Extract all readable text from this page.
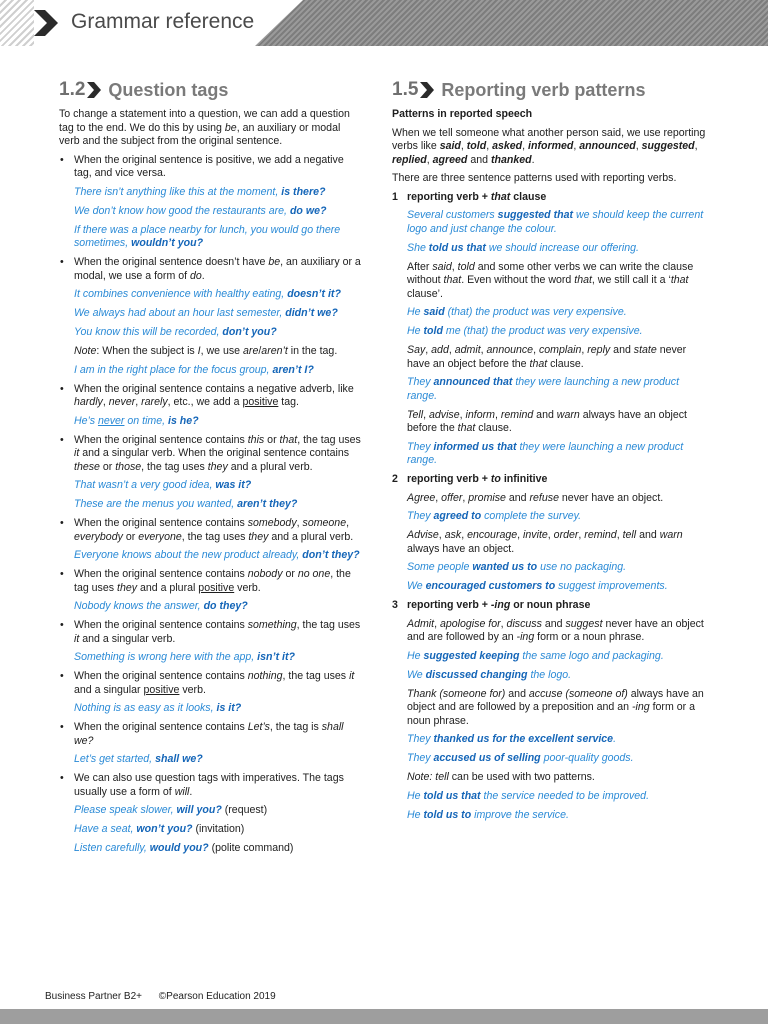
Grammar reference
1.2 Question tags

To change a statement into a question, we can add a question tag to the end. We do this by using be, an auxiliary or modal verb and the subject from the original sentence.

• When the original sentence is positive, we add a negative tag, and vice versa.

There isn’t anything like this at the moment, is there?

We don’t know how good the restaurants are, do we?

If there was a place nearby for lunch, you would go there sometimes, wouldn’t you?

• When the original sentence doesn’t have be, an auxiliary or a modal, we use a form of do.

It combines convenience with healthy eating, doesn’t it?

We always had about an hour last semester, didn’t we?

You know this will be recorded, don’t you?

Note: When the subject is I, we use are/aren’t in the tag.

I am in the right place for the focus group, aren’t I?

• When the original sentence contains a negative adverb, like hardly, never, rarely, etc., we add a positive tag.

He’s never on time, is he?

• When the original sentence contains this or that, the tag uses it and a singular verb. When the original sentence contains these or those, the tag uses they and a plural verb.

That wasn’t a very good idea, was it?

These are the menus you wanted, aren’t they?

• When the original sentence contains somebody, someone, everybody or everyone, the tag uses they and a plural verb.

Everyone knows about the new product already, don’t they?

• When the original sentence contains nobody or no one, the tag uses they and a plural positive verb.

Nobody knows the answer, do they?

• When the original sentence contains something, the tag uses it and a singular verb.

Something is wrong here with the app, isn’t it?

• When the original sentence contains nothing, the tag uses it and a singular positive verb.

Nothing is as easy as it looks, is it?

• When the original sentence contains Let’s, the tag is shall we?

Let’s get started, shall we?

• We can also use question tags with imperatives. The tags usually use a form of will.

Please speak slower, will you? (request)

Have a seat, won’t you? (invitation)

Listen carefully, would you? (polite command)

1.5 Reporting verb patterns

Patterns in reported speech

When we tell someone what another person said, we use reporting verbs like said, told, asked, informed, announced, suggested, replied, agreed and thanked.

There are three sentence patterns used with reporting verbs.

1 reporting verb + that clause

Several customers suggested that we should keep the current logo and just change the colour.

She told us that we should increase our offering.

After said, told and some other verbs we can write the clause without that. Even without the word that, we still call it a ‘that clause’.

He said (that) the product was very expensive.

He told me (that) the product was very expensive.

Say, add, admit, announce, complain, reply and state never have an object before the that clause.

They announced that they were launching a new product range.

Tell, advise, inform, remind and warn always have an object before the that clause.

They informed us that they were launching a new product range.

2 reporting verb + to infinitive

Agree, offer, promise and refuse never have an object.

They agreed to complete the survey.

Advise, ask, encourage, invite, order, remind, tell and warn always have an object.

Some people wanted us to use no packaging.

We encouraged customers to suggest improvements.

3 reporting verb + -ing or noun phrase

Admit, apologise for, discuss and suggest never have an object and are followed by an -ing form or a noun phrase.

He suggested keeping the same logo and packaging.

We discussed changing the logo.

Thank (someone for) and accuse (someone of) always have an object and are followed by a preposition and an -ing form or a noun phrase.

They thanked us for the excellent service.

They accused us of selling poor-quality goods.

Note: tell can be used with two patterns.

He told us that the service needed to be improved.

He told us to improve the service.

Business Partner B2+ ©Pearson Education 2019
